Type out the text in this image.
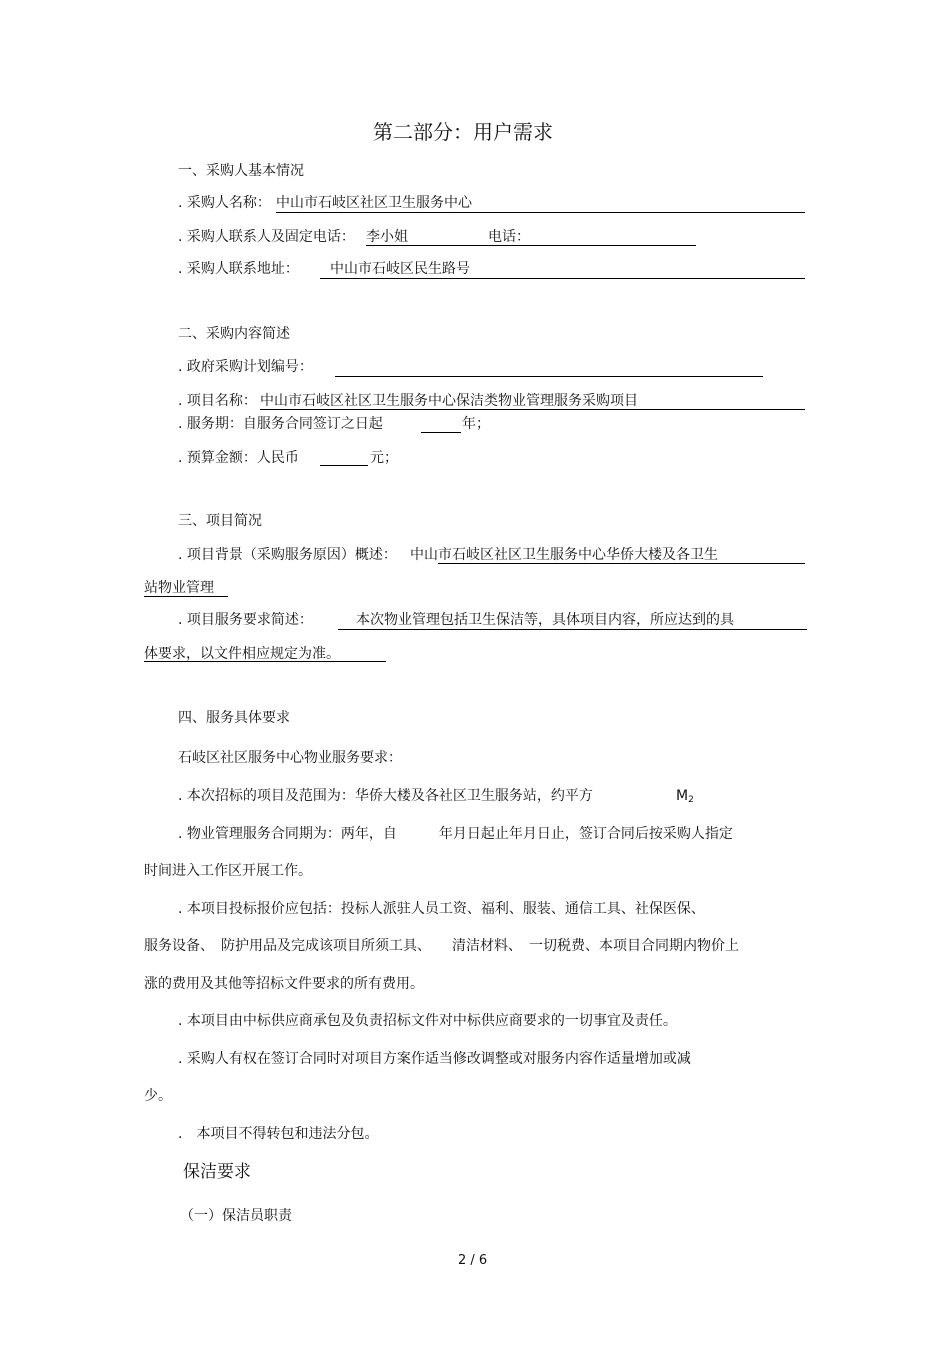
第二部分：用户需求
一、采购人基本情况
. 采购人名称： 中山市石岐区社区卫生服务中心
. 采购人联系人及固定电话： 李小姐	电话：
. 采购人联系地址： 中山市石岐区民生路号
二、采购内容简述
. 政府采购计划编号：
. 项目名称： 中山市石岐区社区卫生服务中心保洁类物业管理服务采购项目
. 服务期：自服务合同签订之日起	年；
. 预算金额：人民币	元；
三、项目简况
. 项目背景（采购服务原因）概述： 中山市石岐区社区卫生服务中心华侨大楼及各卫生
站物业管理
. 项目服务要求简述：	本次物业管理包括卫生保洁等，具体项目内容，所应达到的具
体要求，以文件相应规定为准。
四、服务具体要求
石岐区社区服务中心物业服务要求：
. 本次招标的项目及范围为：华侨大楼及各社区卫生服务站，约平方	M2
. 物业管理服务合同期为：两年，自　　　年月日起止年月日止，签订合同后按采购人指定
时间进入工作区开展工作。
. 本项目投标报价应包括：投标人派驻人员工资、福利、服装、通信工具、社保医保、
服务设备、　防护用品及完成该项目所须工具、　　清洁材料、　一切税费、本项目合同期内物价上
涨的费用及其他等招标文件要求的所有费用。
. 本项目由中标供应商承包及负责招标文件对中标供应商要求的一切事宜及责任。
. 采购人有权在签订合同时对项目方案作适当修改调整或对服务内容作适量增加或减
少。
.　本项目不得转包和违法分包。
保洁要求
（一）保洁员职责
2 / 6
